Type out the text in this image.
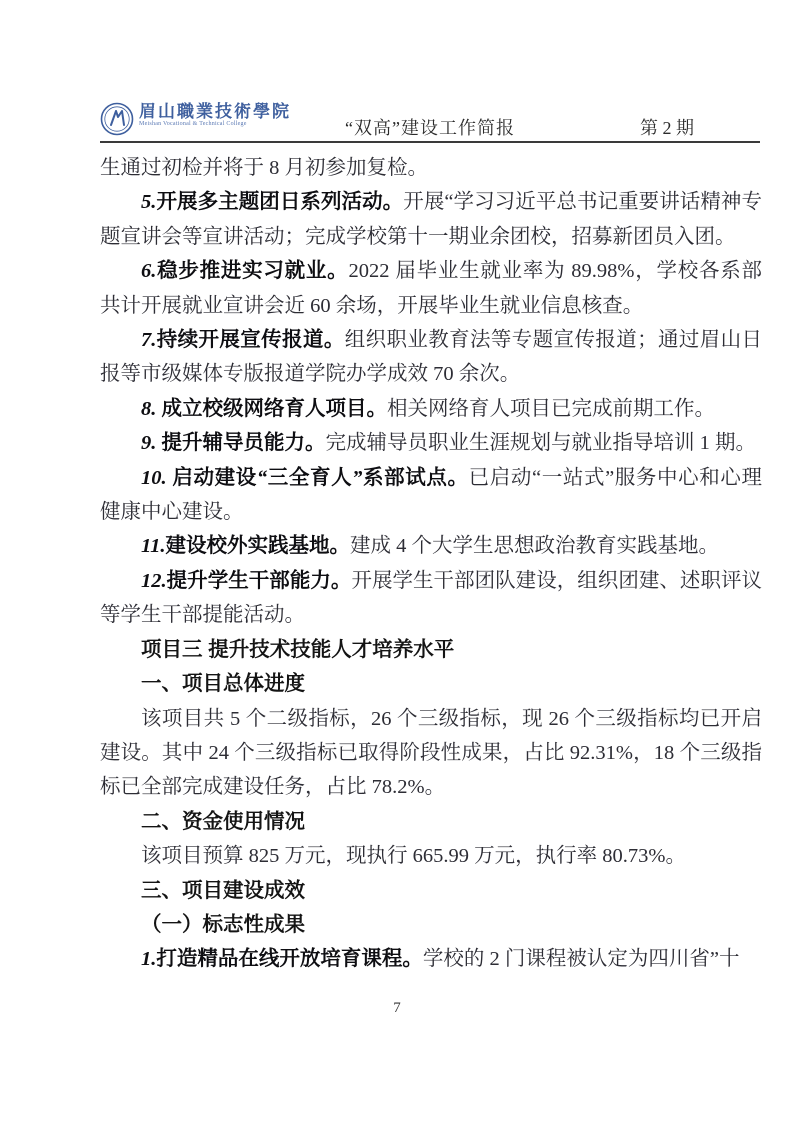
眉山職業技術學院
Meishan Vocational & Technical College	“双高”建设工作简报	第 2 期

生通过初检并将于 8 月初参加复检。

5.开展多主题团日系列活动。开展“学习习近平总书记重要讲话精神专题宣讲会等宣讲活动；完成学校第十一期业余团校，招募新团员入团。

6.稳步推进实习就业。2022 届毕业生就业率为 89.98%，学校各系部共计开展就业宣讲会近 60 余场，开展毕业生就业信息核查。

7.持续开展宣传报道。组织职业教育法等专题宣传报道；通过眉山日报等市级媒体专版报道学院办学成效 70 余次。

8. 成立校级网络育人项目。相关网络育人项目已完成前期工作。

9. 提升辅导员能力。完成辅导员职业生涯规划与就业指导培训 1 期。

10. 启动建设“三全育人”系部试点。已启动“一站式”服务中心和心理健康中心建设。

11.建设校外实践基地。建成 4 个大学生思想政治教育实践基地。

12.提升学生干部能力。开展学生干部团队建设，组织团建、述职评议等学生干部提能活动。

项目三 提升技术技能人才培养水平

一、项目总体进度

该项目共 5 个二级指标，26 个三级指标，现 26 个三级指标均已开启建设。其中 24 个三级指标已取得阶段性成果，占比 92.31%，18 个三级指标已全部完成建设任务，占比 78.2%。

二、资金使用情况

该项目预算 825 万元，现执行 665.99 万元，执行率 80.73%。

三、项目建设成效

（一）标志性成果

1.打造精品在线开放培育课程。学校的 2 门课程被认定为四川省”十

7
